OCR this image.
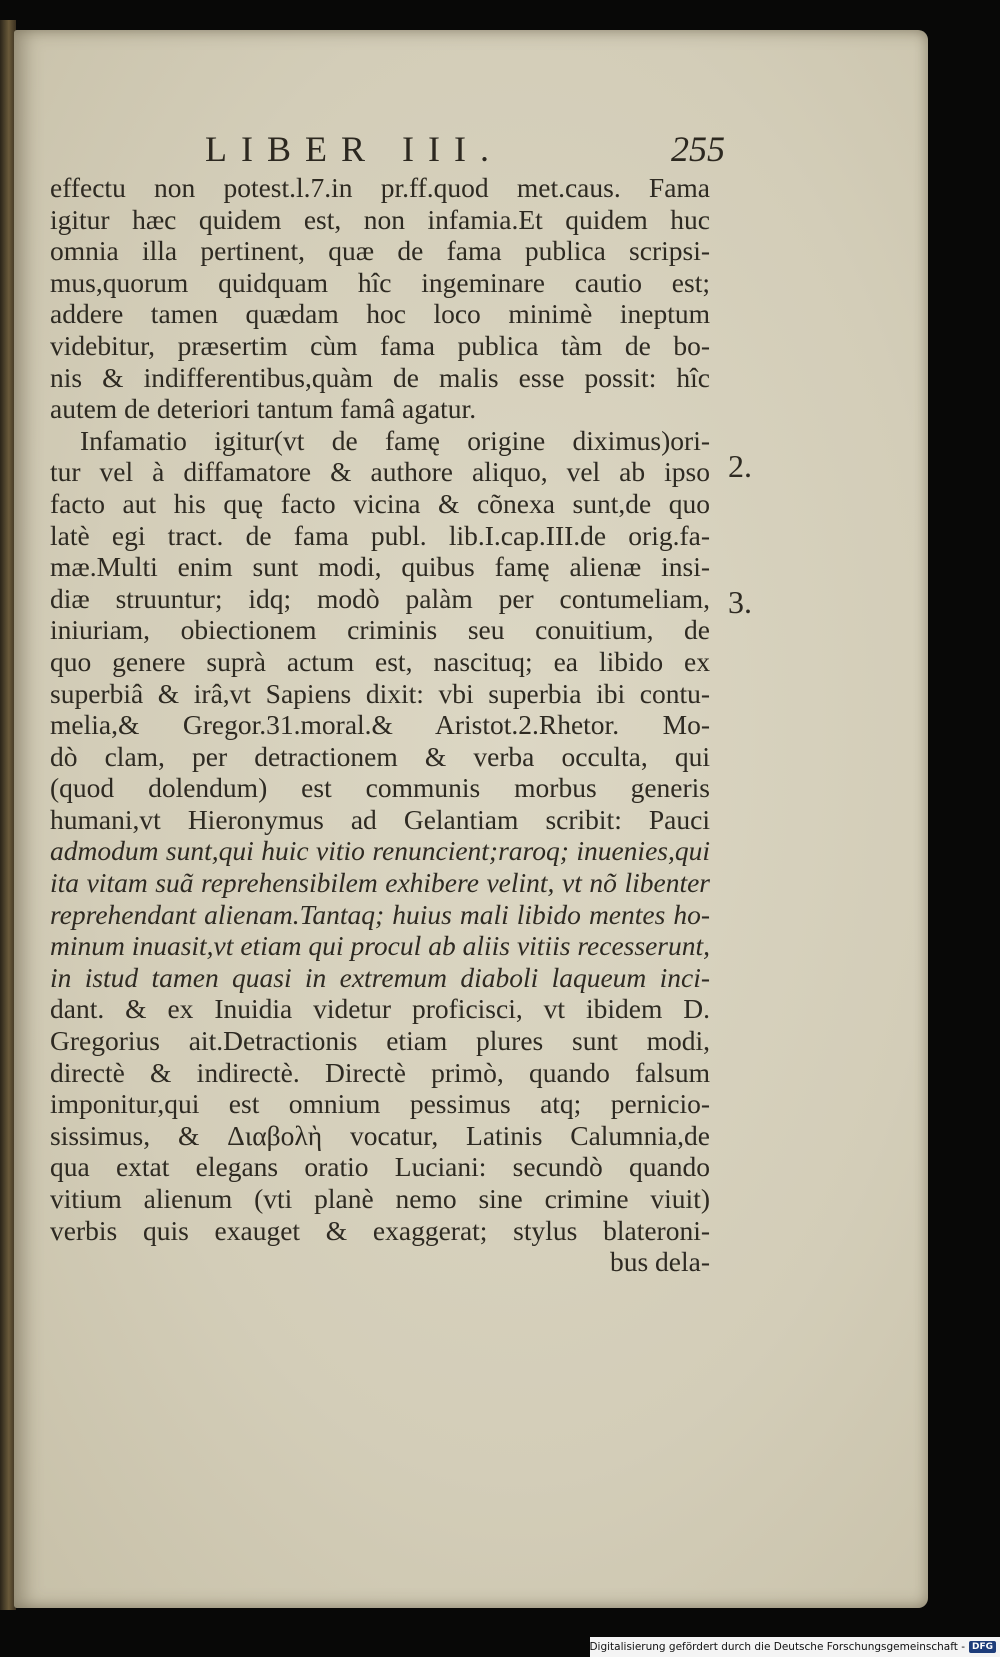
LIBER III.	255
effectu non potest.l.7.in pr.ff.quod met.caus. Fama
igitur hæc quidem est, non infamia.Et quidem huc
omnia illa pertinent, quæ de fama publica scripsi-
mus,quorum quidquam hîc ingeminare cautio est;
addere tamen quædam hoc loco minimè ineptum
videbitur, præsertim cùm fama publica tàm de bo-
nis & indifferentibus,quàm de malis esse possit: hîc
autem de deteriori tantum famâ agatur.
Infamatio igitur(vt de famę origine diximus)ori-
tur vel à diffamatore & authore aliquo, vel ab ipso
facto aut his quę facto vicina & cõnexa sunt,de quo
latè egi tract. de fama publ. lib.I.cap.III.de orig.fa-
mæ.Multi enim sunt modi, quibus famę alienæ insi-
diæ struuntur; idq; modò palàm per contumeliam,
iniuriam, obiectionem criminis seu conuitium, de
quo genere suprà actum est, nascituq; ea libido ex
superbiâ & irâ,vt Sapiens dixit: vbi superbia ibi contu-
melia,& Gregor.31.moral.& Aristot.2.Rhetor. Mo-
dò clam, per detractionem & verba occulta, qui
(quod dolendum) est communis morbus generis
humani,vt Hieronymus ad Gelantiam scribit: Pauci
admodum sunt,qui huic vitio renuncient;raroq; inuenies,qui
ita vitam suã reprehensibilem exhibere velint, vt nõ libenter
reprehendant alienam.Tantaq; huius mali libido mentes ho-
minum inuasit,vt etiam qui procul ab aliis vitiis recesserunt,
in istud tamen quasi in extremum diaboli laqueum inci-
dant. & ex Inuidia videtur proficisci, vt ibidem D.
Gregorius ait.Detractionis etiam plures sunt modi,
directè & indirectè. Directè primò, quando falsum
imponitur,qui est omnium pessimus atq; pernicio-
sissimus, & Διαβολὴ vocatur, Latinis Calumnia,de
qua extat elegans oratio Luciani: secundò quando
vitium alienum (vti planè nemo sine crimine viuit)
verbis quis exauget & exaggerat; stylus blateroni-
bus dela-
2.
3.
Digitalisierung gefördert durch die Deutsche Forschungsgemeinschaft - DFG
